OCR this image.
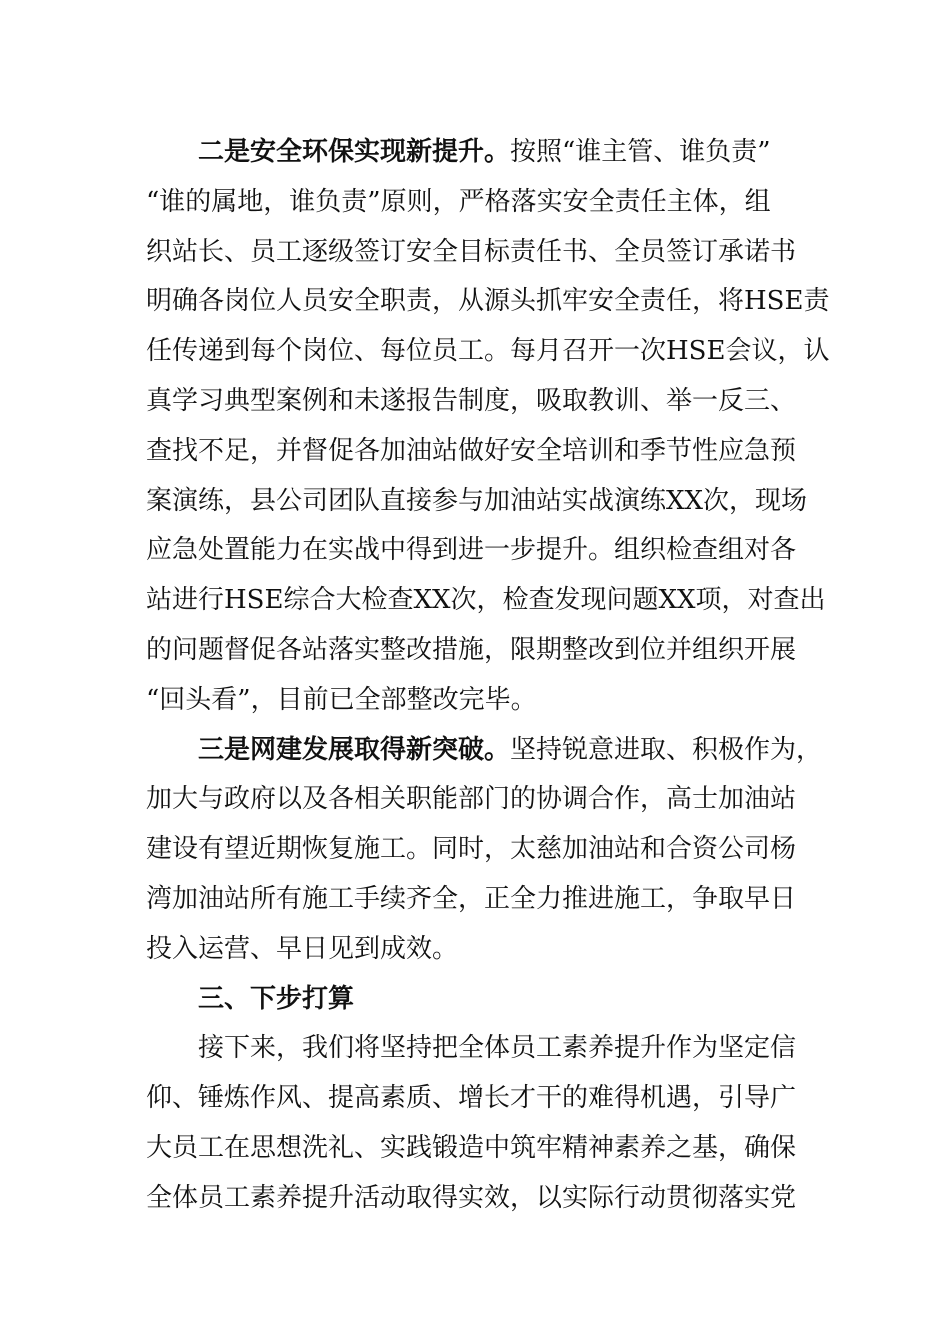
二是安全环保实现新提升。按照“谁主管、谁负责”
“谁的属地，谁负责”原则，严格落实安全责任主体，组
织站长、员工逐级签订安全目标责任书、全员签订承诺书
明确各岗位人员安全职责，从源头抓牢安全责任，将HSE责
任传递到每个岗位、每位员工。每月召开一次HSE会议，认
真学习典型案例和未遂报告制度，吸取教训、举一反三、
查找不足，并督促各加油站做好安全培训和季节性应急预
案演练，县公司团队直接参与加油站实战演练XX次，现场
应急处置能力在实战中得到进一步提升。组织检查组对各
站进行HSE综合大检查XX次，检查发现问题XX项，对查出
的问题督促各站落实整改措施，限期整改到位并组织开展
“回头看”，目前已全部整改完毕。
三是网建发展取得新突破。坚持锐意进取、积极作为，
加大与政府以及各相关职能部门的协调合作，高士加油站
建设有望近期恢复施工。同时，太慈加油站和合资公司杨
湾加油站所有施工手续齐全，正全力推进施工，争取早日
投入运营、早日见到成效。
三、下步打算
接下来，我们将坚持把全体员工素养提升作为坚定信
仰、锤炼作风、提高素质、增长才干的难得机遇，引导广
大员工在思想洗礼、实践锻造中筑牢精神素养之基，确保
全体员工素养提升活动取得实效，以实际行动贯彻落实党
